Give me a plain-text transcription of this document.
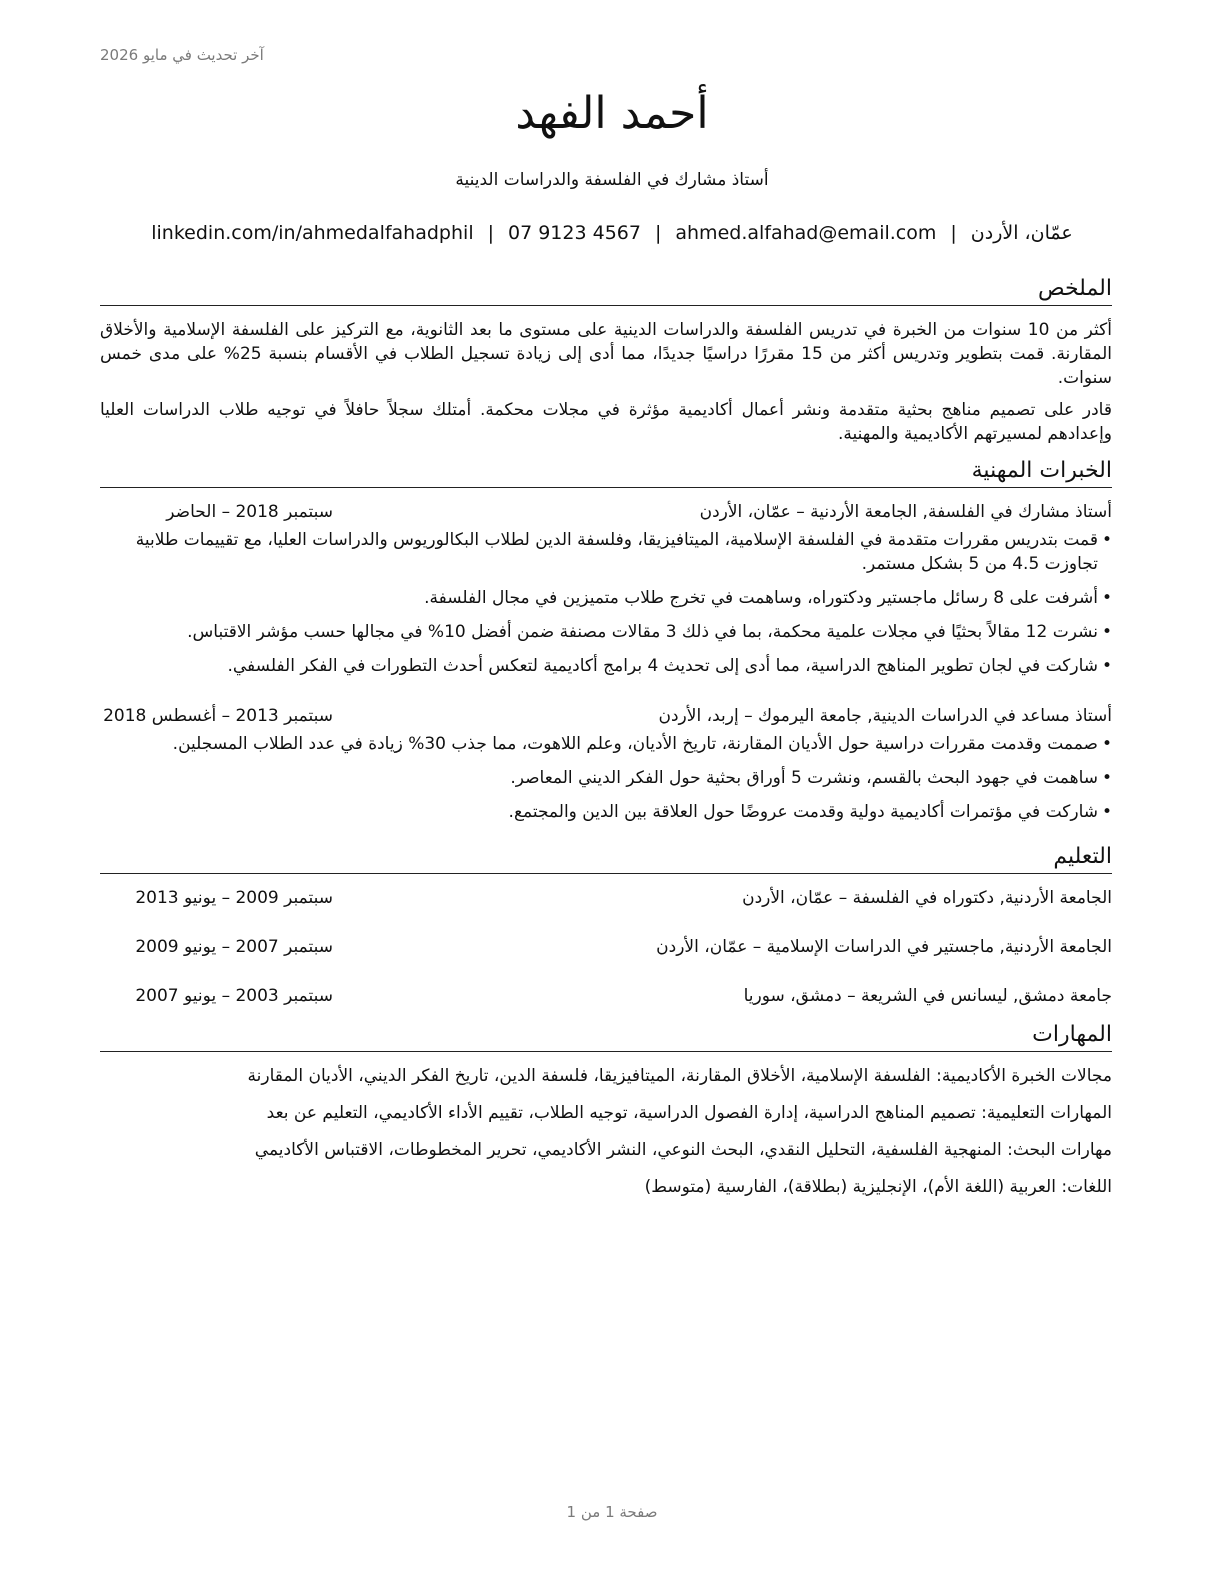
آخر تحديث في مايو 2026
أحمد الفهد
أستاذ مشارك في الفلسفة والدراسات الدينية
عمّان، الأردن|ahmed.alfahad@email.com|07 9123 4567|linkedin.com/in/ahmedalfahadphil
الملخص

أكثر من 10 سنوات من الخبرة في تدريس الفلسفة والدراسات الدينية على مستوى ما بعد الثانوية، مع التركيز على الفلسفة الإسلامية والأخلاق المقارنة. قمت بتطوير وتدريس أكثر من 15 مقررًا دراسيًا جديدًا، مما أدى إلى زيادة تسجيل الطلاب في الأقسام بنسبة 25% على مدى خمس سنوات.

قادر على تصميم مناهج بحثية متقدمة ونشر أعمال أكاديمية مؤثرة في مجلات محكمة. أمتلك سجلاً حافلاً في توجيه طلاب الدراسات العليا وإعدادهم لمسيرتهم الأكاديمية والمهنية.

الخبرات المهنية
أستاذ مشارك في الفلسفة, الجامعة الأردنية – عمّان، الأردن
سبتمبر 2018 – الحاضر
• قمت بتدريس مقررات متقدمة في الفلسفة الإسلامية، الميتافيزيقا، وفلسفة الدين لطلاب البكالوريوس والدراسات العليا، مع تقييمات طلابية تجاوزت 4.5 من 5 بشكل مستمر.
• أشرفت على 8 رسائل ماجستير ودكتوراه، وساهمت في تخرج طلاب متميزين في مجال الفلسفة.
• نشرت 12 مقالاً بحثيًا في مجلات علمية محكمة، بما في ذلك 3 مقالات مصنفة ضمن أفضل 10% في مجالها حسب مؤشر الاقتباس.
• شاركت في لجان تطوير المناهج الدراسية، مما أدى إلى تحديث 4 برامج أكاديمية لتعكس أحدث التطورات في الفكر الفلسفي.
أستاذ مساعد في الدراسات الدينية, جامعة اليرموك – إربد، الأردن
سبتمبر 2013 – أغسطس 2018
• صممت وقدمت مقررات دراسية حول الأديان المقارنة، تاريخ الأديان، وعلم اللاهوت، مما جذب 30% زيادة في عدد الطلاب المسجلين.
• ساهمت في جهود البحث بالقسم، ونشرت 5 أوراق بحثية حول الفكر الديني المعاصر.
• شاركت في مؤتمرات أكاديمية دولية وقدمت عروضًا حول العلاقة بين الدين والمجتمع.
التعليم
الجامعة الأردنية, دكتوراه في الفلسفة – عمّان، الأردن
سبتمبر 2009 – يونيو 2013
الجامعة الأردنية, ماجستير في الدراسات الإسلامية – عمّان، الأردن
سبتمبر 2007 – يونيو 2009
جامعة دمشق, ليسانس في الشريعة – دمشق، سوريا
سبتمبر 2003 – يونيو 2007
المهارات

مجالات الخبرة الأكاديمية: الفلسفة الإسلامية، الأخلاق المقارنة، الميتافيزيقا، فلسفة الدين، تاريخ الفكر الديني، الأديان المقارنة

المهارات التعليمية: تصميم المناهج الدراسية، إدارة الفصول الدراسية، توجيه الطلاب، تقييم الأداء الأكاديمي، التعليم عن بعد

مهارات البحث: المنهجية الفلسفية، التحليل النقدي، البحث النوعي، النشر الأكاديمي، تحرير المخطوطات، الاقتباس الأكاديمي

اللغات: العربية (اللغة الأم)، الإنجليزية (بطلاقة)، الفارسية (متوسط)

صفحة 1 من 1
